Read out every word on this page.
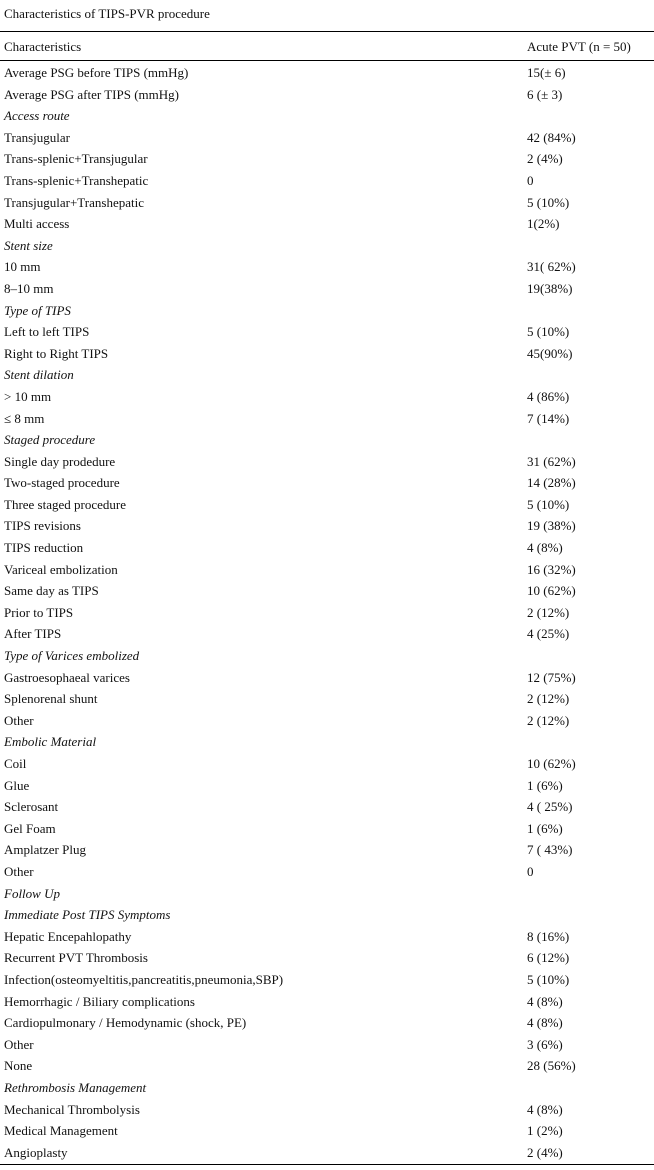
Characteristics of TIPS-PVR procedure
Characteristics	Acute PVT (n = 50)
Average PSG before TIPS (mmHg)	15(± 6)
Average PSG after TIPS (mmHg)	6 (± 3)
Access route
Transjugular	42 (84%)
Trans-splenic+Transjugular	2 (4%)
Trans-splenic+Transhepatic	0
Transjugular+Transhepatic	5 (10%)
Multi access	1(2%)
Stent size
10 mm	31( 62%)
8–10 mm	19(38%)
Type of TIPS
Left to left TIPS	5 (10%)
Right to Right TIPS	45(90%)
Stent dilation
> 10 mm	4 (86%)
≤ 8 mm	7 (14%)
Staged procedure
Single day prodedure	31 (62%)
Two-staged procedure	14 (28%)
Three staged procedure	5 (10%)
TIPS revisions	19 (38%)
TIPS reduction	4 (8%)
Variceal embolization	16 (32%)
Same day as TIPS	10 (62%)
Prior to TIPS	2 (12%)
After TIPS	4 (25%)
Type of Varices embolized
Gastroesophaeal varices	12 (75%)
Splenorenal shunt	2 (12%)
Other	2 (12%)
Embolic Material
Coil	10 (62%)
Glue	1 (6%)
Sclerosant	4 ( 25%)
Gel Foam	1 (6%)
Amplatzer Plug	7 ( 43%)
Other	0
Follow Up
Immediate Post TIPS Symptoms
Hepatic Encepahlopathy	8 (16%)
Recurrent PVT Thrombosis	6 (12%)
Infection(osteomyeltitis,pancreatitis,pneumonia,SBP)	5 (10%)
Hemorrhagic / Biliary complications	4 (8%)
Cardiopulmonary / Hemodynamic (shock, PE)	4 (8%)
Other	3 (6%)
None	28 (56%)
Rethrombosis Management
Mechanical Thrombolysis	4 (8%)
Medical Management	1 (2%)
Angioplasty	2 (4%)
